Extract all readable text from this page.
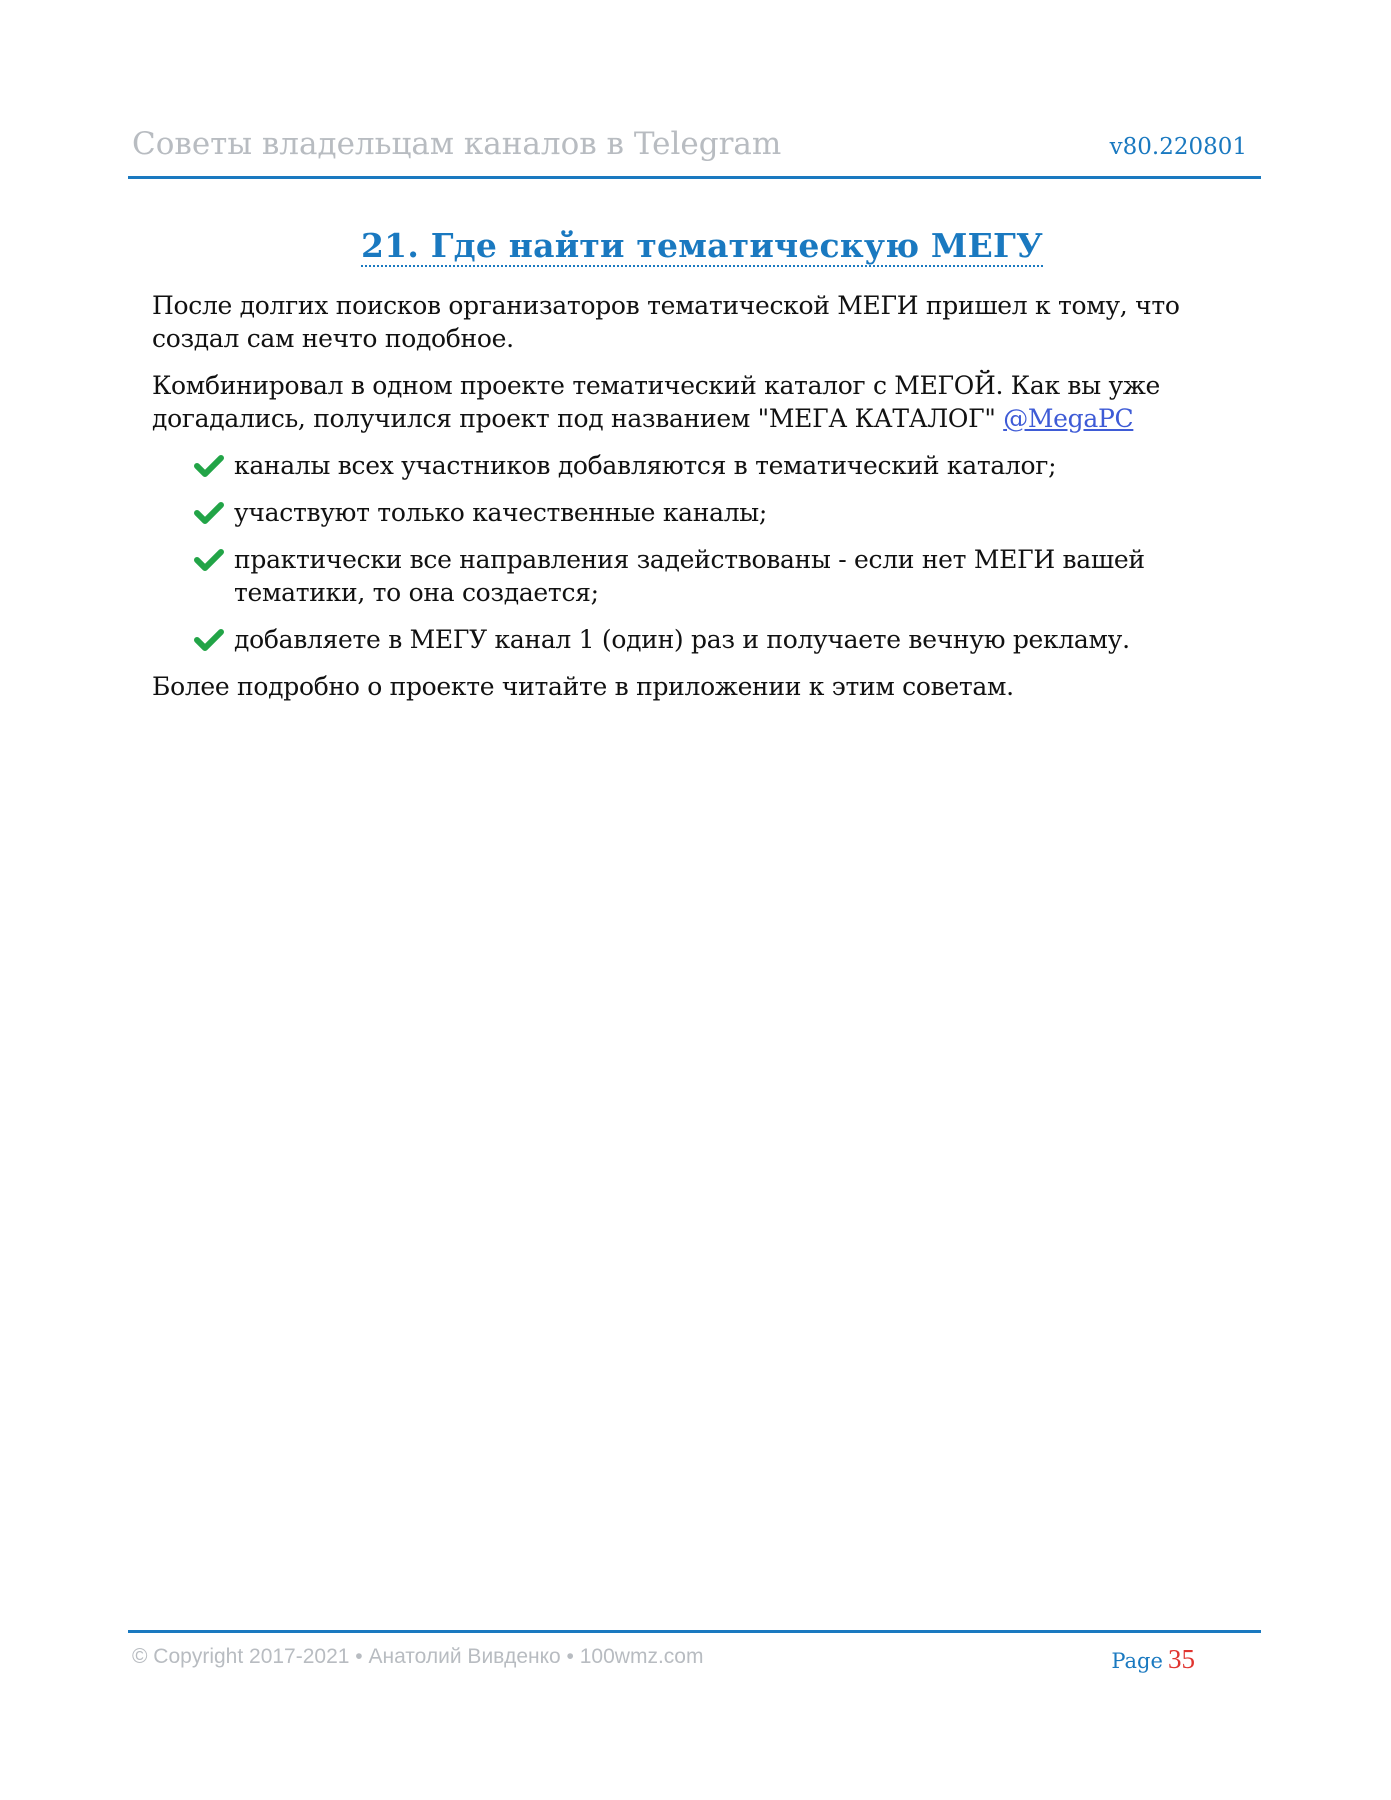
Советы владельцам каналов в Telegram	v80.220801
21. Где найти тематическую МЕГУ

После долгих поисков организаторов тематической МЕГИ пришел к тому, что создал сам нечто подобное.

Комбинировал в одном проекте тематический каталог с МЕГОЙ. Как вы уже догадались, получился проект под названием "МЕГА КАТАЛОГ" @MegaPC

каналы всех участников добавляются в тематический каталог;
участвуют только качественные каналы;
практически все направления задействованы - если нет МЕГИ вашей тематики, то она создается;
добавляете в МЕГУ канал 1 (один) раз и получаете вечную рекламу.

Более подробно о проекте читайте в приложении к этим советам.

© Copyright 2017-2021 • Анатолий Вивденко • 100wmz.com	Page 35
